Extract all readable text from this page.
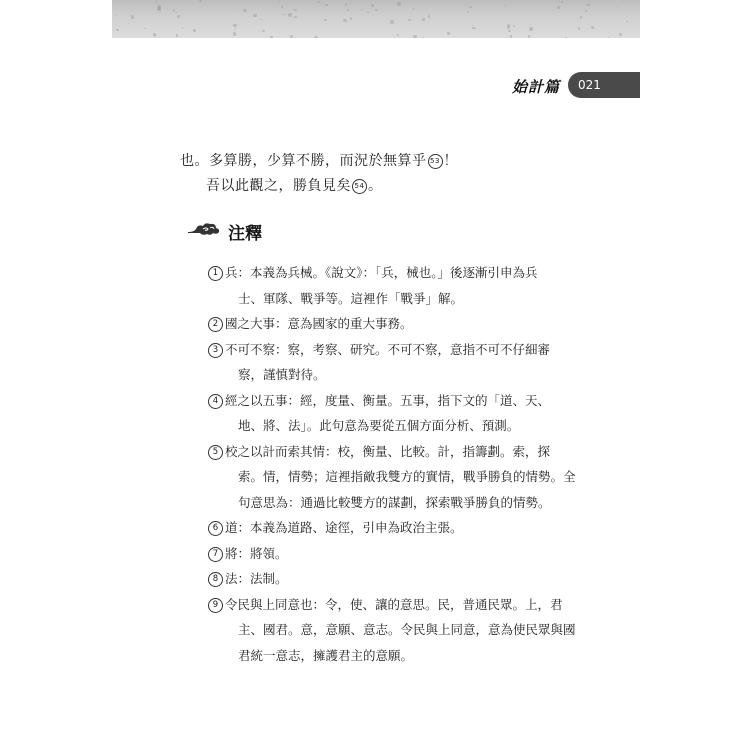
始計篇	021
也。多算勝，少算不勝，而況於無算乎 53 ！
吾以此觀之，勝負見矣 54 。
注釋
1 兵：本義為兵械。《說文》：「兵，械也。」後逐漸引申為兵
士、軍隊、戰爭等。這裡作「戰爭」解。
2 國之大事：意為國家的重大事務。
3 不可不察：察，考察、研究。不可不察，意指不可不仔細審
察，謹慎對待。
4 經之以五事：經，度量、衡量。五事，指下文的「道、天、
地、將、法」。此句意為要從五個方面分析、預測。
5 校之以計而索其情：校，衡量、比較。計，指籌劃。索，探
索。情，情勢；這裡指敵我雙方的實情，戰爭勝負的情勢。全
句意思為：通過比較雙方的謀劃，探索戰爭勝負的情勢。
6 道：本義為道路、途徑，引申為政治主張。
7 將：將領。
8 法：法制。
9 令民與上同意也：令，使、讓的意思。民，普通民眾。上，君
主、國君。意，意願、意志。令民與上同意，意為使民眾與國
君統一意志，擁護君主的意願。
